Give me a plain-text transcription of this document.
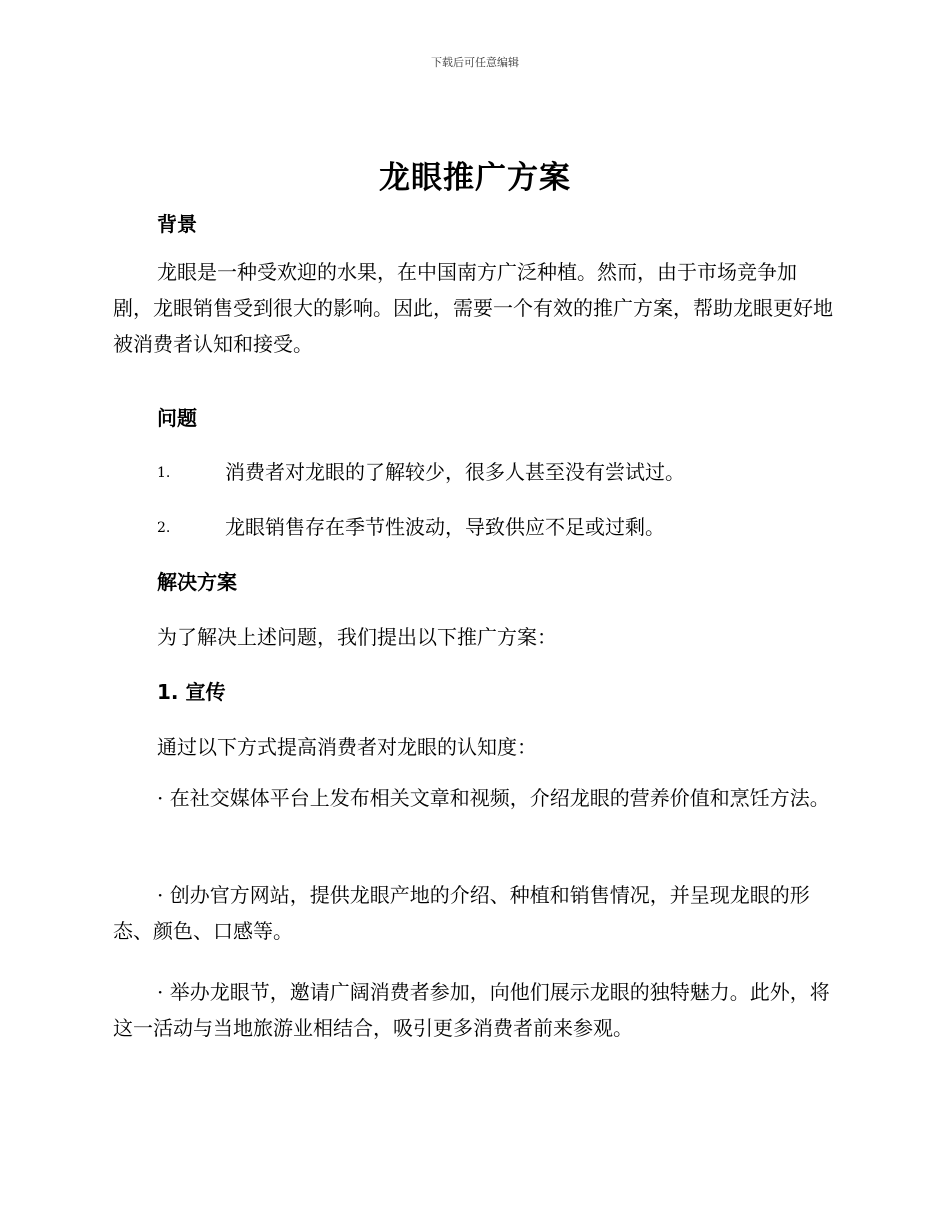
下载后可任意编辑
龙眼推广方案
背景
龙眼是一种受欢迎的水果，在中国南方广泛种植。然而，由于市场竞争加剧，龙眼销售受到很大的影响。因此，需要一个有效的推广方案，帮助龙眼更好地被消费者认知和接受。
问题
1.	消费者对龙眼的了解较少，很多人甚至没有尝试过。
2.	龙眼销售存在季节性波动，导致供应不足或过剩。
解决方案
为了解决上述问题，我们提出以下推广方案：
1. 宣传
通过以下方式提高消费者对龙眼的认知度：
· 在社交媒体平台上发布相关文章和视频，介绍龙眼的营养价值和烹饪方法。
· 创办官方网站，提供龙眼产地的介绍、种植和销售情况，并呈现龙眼的形态、颜色、口感等。
· 举办龙眼节，邀请广阔消费者参加，向他们展示龙眼的独特魅力。此外，将这一活动与当地旅游业相结合，吸引更多消费者前来参观。
